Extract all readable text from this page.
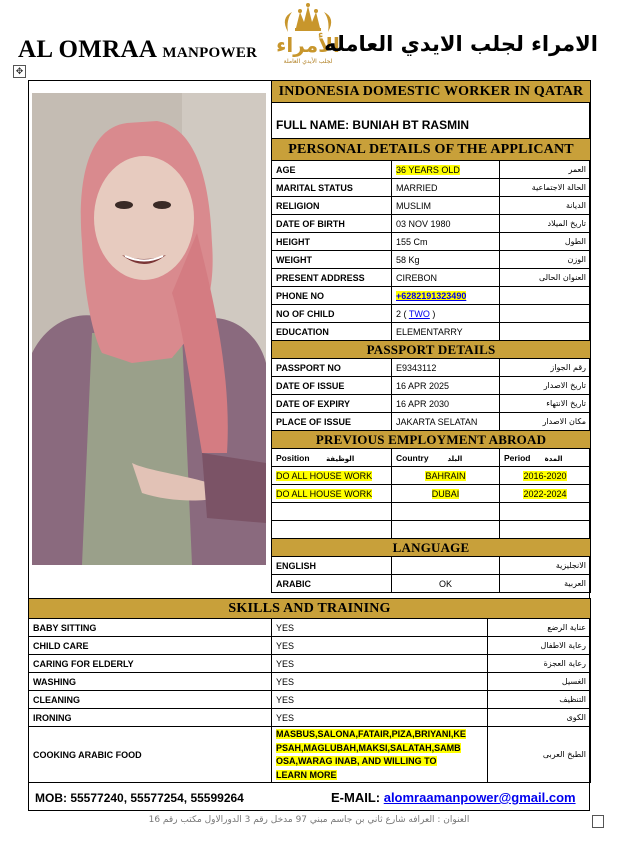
AL OMRAA MANPOWER الأمراء
لجلب الأيدي العاملة
الامراء لجلب الايدي العامله
✥
INDONESIA DOMESTIC WORKER IN QATAR		
FULL NAME: BUNIAH BT RASMIN		
PERSONAL DETAILS OF THE APPLICANT		
AGE	36 YEARS OLD	العمر
MARITAL STATUS	MARRIED	الحالة الاجتماعية
RELIGION	MUSLIM	الديانة
DATE OF BIRTH	03 NOV 1980	تاريخ الميلاد
HEIGHT	155 Cm	الطول
WEIGHT	58 Kg	الوزن
PRESENT ADDRESS	CIREBON	العنوان الحالى
PHONE NO	+6282191323490	
NO OF CHILD	2 ( TWO )	
EDUCATION	ELEMENTARRY	
PASSPORT DETAILS		
PASSPORT NO	E9343112	رقم الجواز
DATE OF ISSUE	16 APR 2025	تاريخ الاصدار
DATE OF EXPIRY	16 APR 2030	تاريخ الانتهاء
PLACE OF ISSUE	JAKARTA SELATAN	مكان الاصدار
PREVIOUS EMPLOYMENT ABROAD		
Position الوظيفة	Country البلد	Period المدة
DO ALL HOUSE WORK	BAHRAIN	2016-2020
DO ALL HOUSE WORK	DUBAI	2022-2024

LANGUAGE		
ENGLISH		الانجليزية
ARABIC	OK	العربية
SKILLS AND TRAINING		
BABY SITTING	YES	عناية الرضع
CHILD CARE	YES	رعاية الاطفال
CARING FOR ELDERLY	YES	رعاية العجزة
WASHING	YES	الغسيل
CLEANING	YES	التنظيف
IRONING	YES	الكوى
COOKING ARABIC FOOD	MASBUS,SALONA,FATAIR,PIZA,BRIYANI,KE
PSAH,MAGLUBAH,MAKSI,SALATAH,SAMB
OSA,WARAG INAB, AND WILLING TO
LEARN MORE	الطبخ العربى
MOB: 55577240, 55577254, 55599264	E-MAIL: alomraamanpower@gmail.com
العنوان : العرافه شارع ثاني بن جاسم مبني 97 مدخل رقم 3 الدورالاول مكتب رقم 16
